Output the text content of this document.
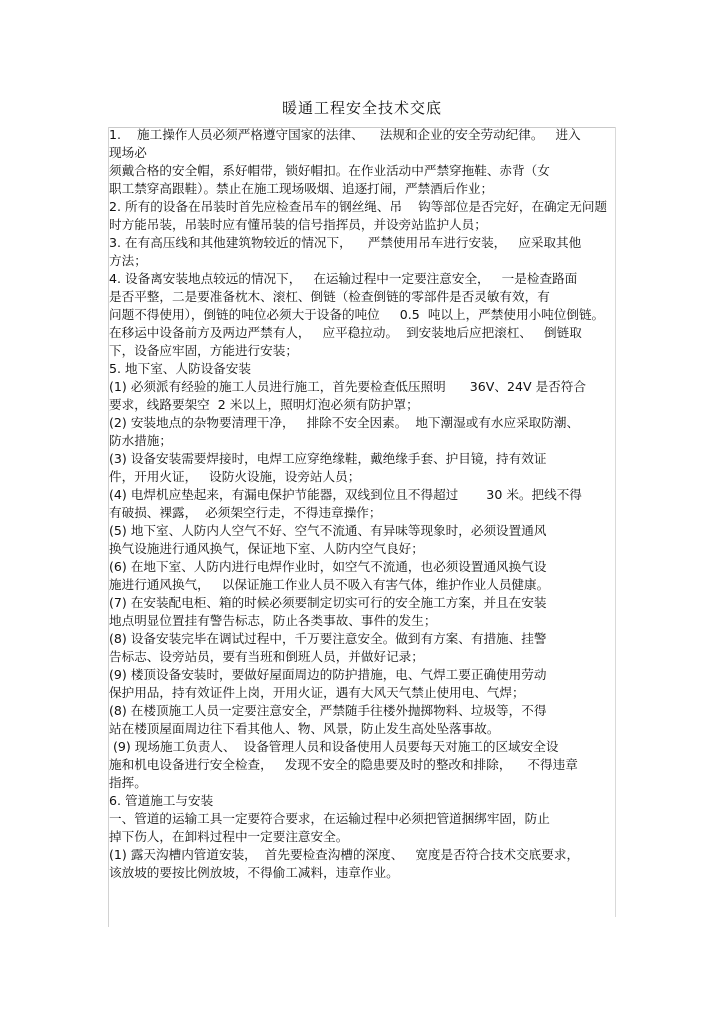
暖通工程安全技术交底
1.    施工操作人员必须严格遵守国家的法律、    法规和企业的安全劳动纪律。   进入
现场必
须戴合格的安全帽，系好帽带，锁好帽扣。在作业活动中严禁穿拖鞋、赤背（女
职工禁穿高跟鞋）。禁止在施工现场吸烟、追逐打闹，严禁酒后作业；
2. 所有的设备在吊装时首先应检查吊车的钢丝绳、吊    钩等部位是否完好，在确定无问题
时方能吊装，吊装时应有懂吊装的信号指挥员，并设旁站监护人员；
3. 在有高压线和其他建筑物较近的情况下，    严禁使用吊车进行安装，   应采取其他
方法；
4. 设备离安装地点较远的情况下，   在运输过程中一定要注意安全，   一是检查路面
是否平整，二是要准备枕木、滚杠、倒链（检查倒链的零部件是否灵敏有效，有
问题不得使用），倒链的吨位必须大于设备的吨位     0.5  吨以上，严禁使用小吨位倒链。
在移运中设备前方及两边严禁有人，   应平稳拉动。  到安装地后应把滚杠、   倒链取
下，设备应牢固，方能进行安装；
5. 地下室、人防设备安装
(1) 必须派有经验的施工人员进行施工，首先要检查低压照明      36V、24V 是否符合
要求，线路要架空  2 米以上，照明灯泡必须有防护罩；
(2) 安装地点的杂物要清理干净，   排除不安全因素。  地下潮湿或有水应采取防潮、
防水措施；
(3) 设备安装需要焊接时，电焊工应穿绝缘鞋，戴绝缘手套、护目镜，持有效证
件，开用火证，   设防火设施，设旁站人员；
(4) 电焊机应垫起来，有漏电保护节能器，双线到位且不得超过       30 米。把线不得
有破损、裸露，  必须架空行走，不得违章操作；
(5) 地下室、人防内人空气不好、空气不流通、有异味等现象时，必须设置通风
换气设施进行通风换气，保证地下室、人防内空气良好；
(6) 在地下室、人防内进行电焊作业时，如空气不流通，也必须设置通风换气设
施进行通风换气，   以保证施工作业人员不吸入有害气体，维护作业人员健康。
(7) 在安装配电柜、箱的时候必须要制定切实可行的安全施工方案，并且在安装
地点明显位置挂有警告标志，防止各类事故、事件的发生；
(8) 设备安装完毕在调试过程中，千万要注意安全。做到有方案、有措施、挂警
告标志、设旁站员，要有当班和倒班人员，并做好记录；
(9) 楼顶设备安装时，要做好屋面周边的防护措施，电、气焊工要正确使用劳动
保护用品，持有效证件上岗，开用火证，遇有大风天气禁止使用电、气焊；
(8) 在楼顶施工人员一定要注意安全，严禁随手往楼外抛掷物料、垃圾等，不得
站在楼顶屋面周边往下看其他人、物、风景，防止发生高处坠落事故。
(9) 现场施工负责人、  设备管理人员和设备使用人员要每天对施工的区域安全设
施和机电设备进行安全检查，   发现不安全的隐患要及时的整改和排除，    不得违章
指挥。
6. 管道施工与安装
一、管道的运输工具一定要符合要求，在运输过程中必须把管道捆绑牢固，防止
掉下伤人，在卸料过程中一定要注意安全。
(1) 露天沟槽内管道安装，  首先要检查沟槽的深度、   宽度是否符合技术交底要求，
该放坡的要按比例放坡，不得偷工减料，违章作业。
